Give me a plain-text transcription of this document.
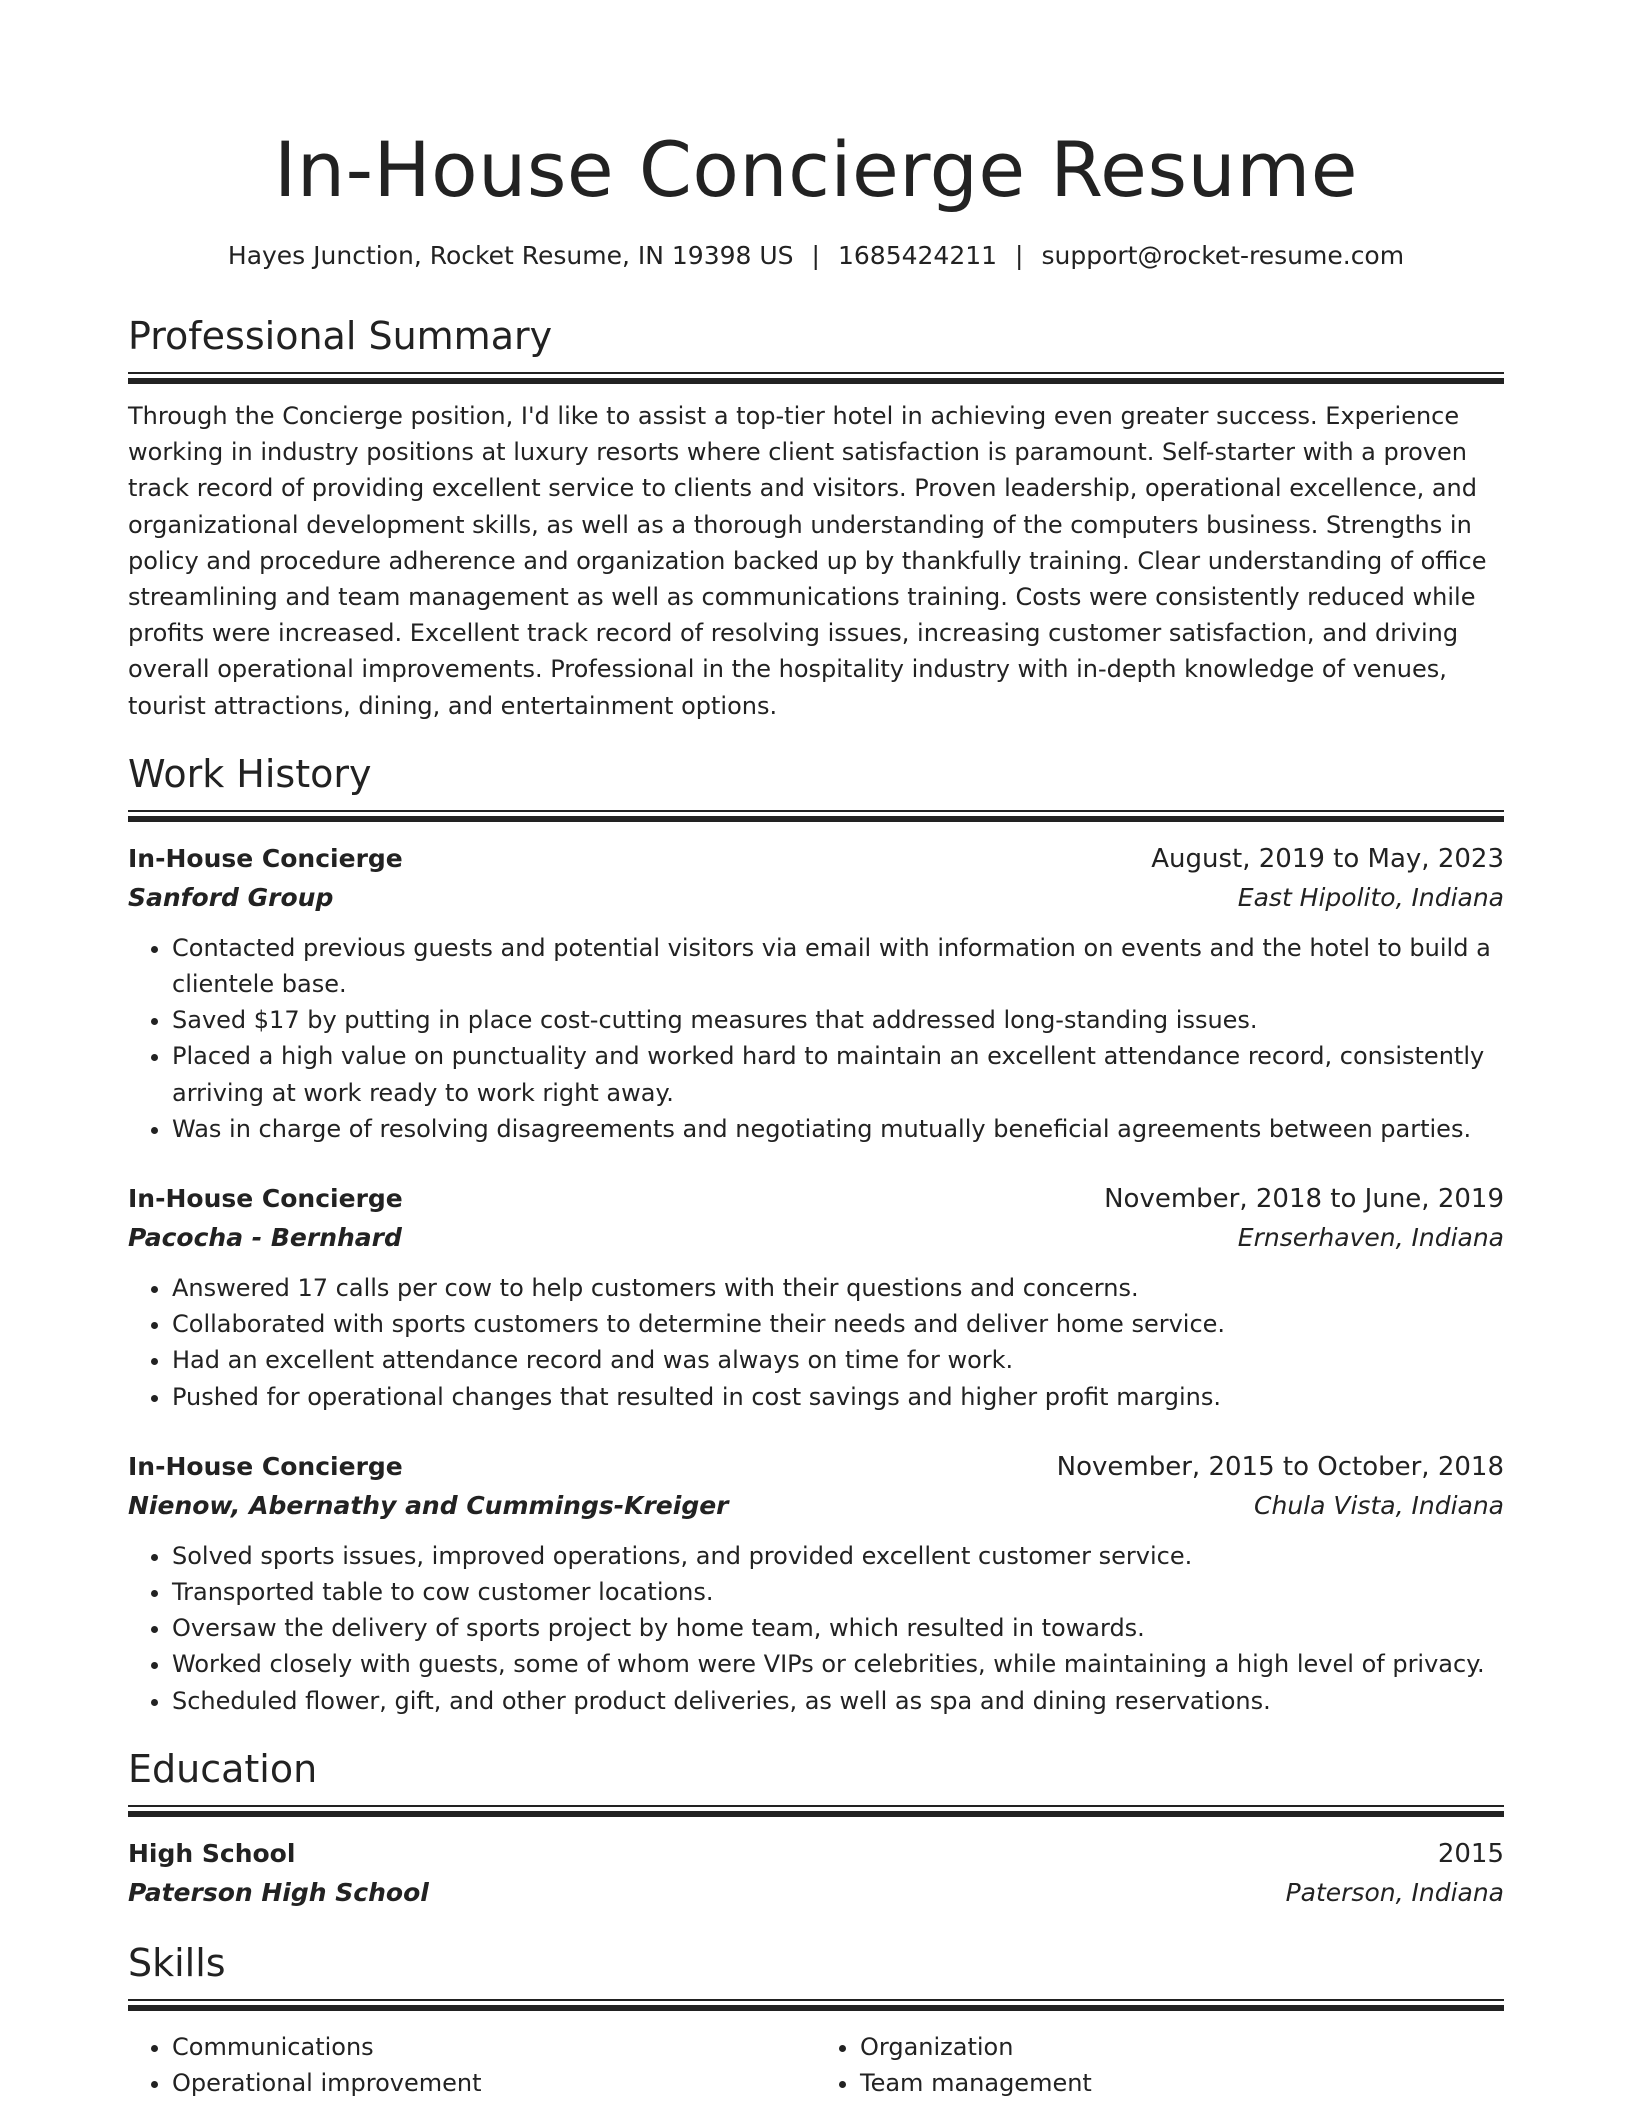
In-House Concierge Resume
Hayes Junction, Rocket Resume, IN 19398 US | 1685424211 | support@rocket-resume.com
Professional Summary
Through the Concierge position, I'd like to assist a top-tier hotel in achieving even greater success. Experience working in industry positions at luxury resorts where client satisfaction is paramount. Self-starter with a proven track record of providing excellent service to clients and visitors. Proven leadership, operational excellence, and organizational development skills, as well as a thorough understanding of the computers business. Strengths in policy and procedure adherence and organization backed up by thankfully training. Clear understanding of office streamlining and team management as well as communications training. Costs were consistently reduced while profits were increased. Excellent track record of resolving issues, increasing customer satisfaction, and driving overall operational improvements. Professional in the hospitality industry with in-depth knowledge of venues, tourist attractions, dining, and entertainment options.
Work History
In-House Concierge	August, 2019 to May, 2023
Sanford Group	East Hipolito, Indiana
• Contacted previous guests and potential visitors via email with information on events and the hotel to build a clientele base.
• Saved $17 by putting in place cost-cutting measures that addressed long-standing issues.
• Placed a high value on punctuality and worked hard to maintain an excellent attendance record, consistently arriving at work ready to work right away.
• Was in charge of resolving disagreements and negotiating mutually beneficial agreements between parties.
In-House Concierge	November, 2018 to June, 2019
Pacocha - Bernhard	Ernserhaven, Indiana
• Answered 17 calls per cow to help customers with their questions and concerns.
• Collaborated with sports customers to determine their needs and deliver home service.
• Had an excellent attendance record and was always on time for work.
• Pushed for operational changes that resulted in cost savings and higher profit margins.
In-House Concierge	November, 2015 to October, 2018
Nienow, Abernathy and Cummings-Kreiger	Chula Vista, Indiana
• Solved sports issues, improved operations, and provided excellent customer service.
• Transported table to cow customer locations.
• Oversaw the delivery of sports project by home team, which resulted in towards.
• Worked closely with guests, some of whom were VIPs or celebrities, while maintaining a high level of privacy.
• Scheduled flower, gift, and other product deliveries, as well as spa and dining reservations.
Education
High School	2015
Paterson High School	Paterson, Indiana
Skills
• Communications
• Operational improvement
• Organization
• Team management
